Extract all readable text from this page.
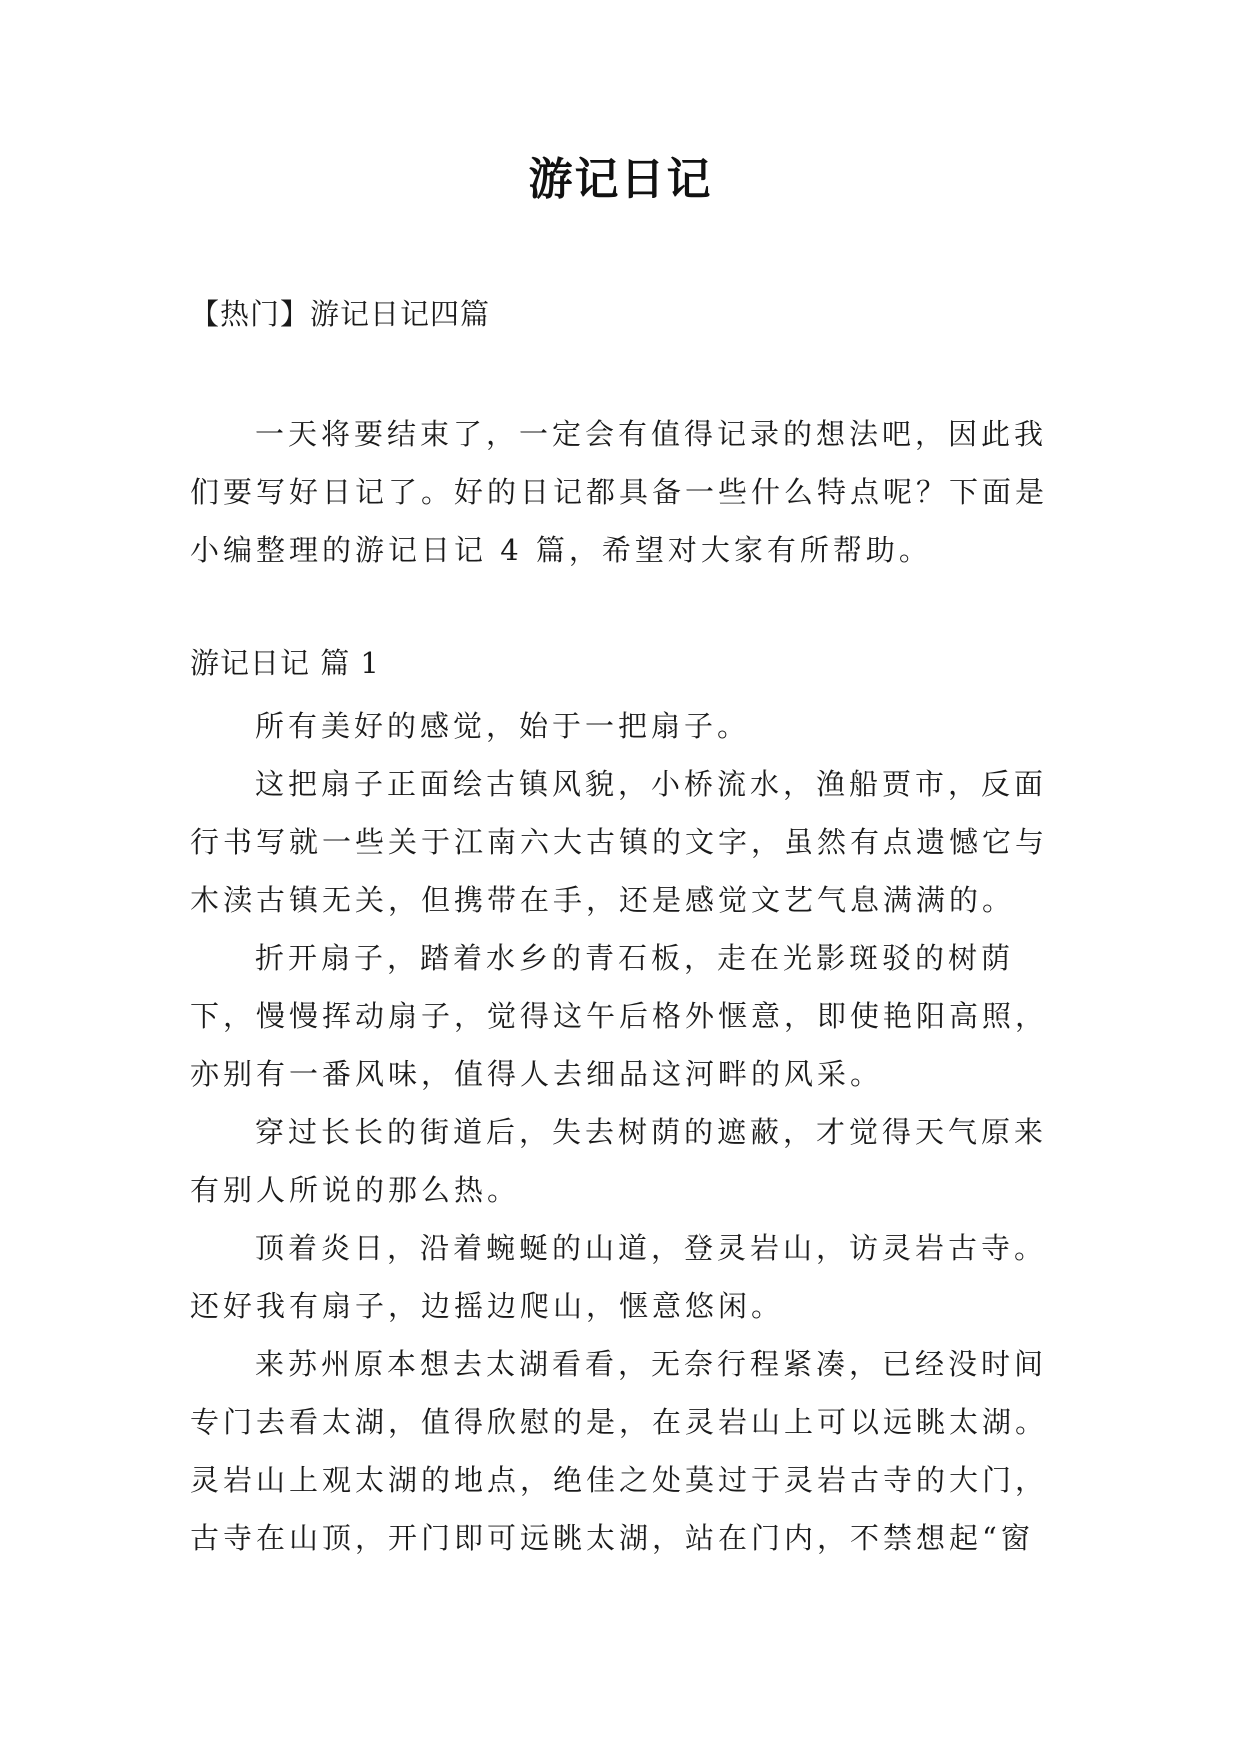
游记日记
【热门】游记日记四篇

一天将要结束了，一定会有值得记录的想法吧，因此我们要写好日记了。好的日记都具备一些什么特点呢？下面是小编整理的游记日记 4 篇，希望对大家有所帮助。

游记日记 篇 1

所有美好的感觉，始于一把扇子。

这把扇子正面绘古镇风貌，小桥流水，渔船贾市，反面行书写就一些关于江南六大古镇的文字，虽然有点遗憾它与木渎古镇无关，但携带在手，还是感觉文艺气息满满的。

折开扇子，踏着水乡的青石板，走在光影斑驳的树荫下，慢慢挥动扇子，觉得这午后格外惬意，即使艳阳高照，亦别有一番风味，值得人去细品这河畔的风采。

穿过长长的街道后，失去树荫的遮蔽，才觉得天气原来有别人所说的那么热。

顶着炎日，沿着蜿蜒的山道，登灵岩山，访灵岩古寺。还好我有扇子，边摇边爬山，惬意悠闲。

来苏州原本想去太湖看看，无奈行程紧凑，已经没时间专门去看太湖，值得欣慰的是，在灵岩山上可以远眺太湖。灵岩山上观太湖的地点，绝佳之处莫过于灵岩古寺的大门，古寺在山顶，开门即可远眺太湖，站在门内，不禁想起“窗
